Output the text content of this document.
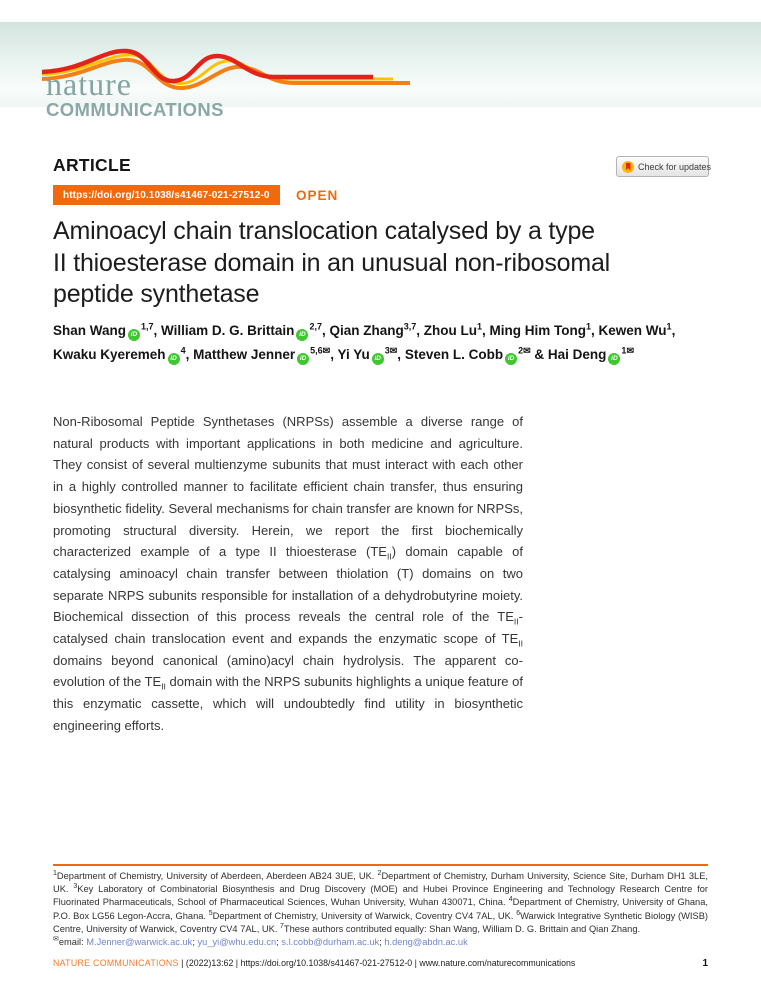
nature
COMMUNICATIONS
ARTICLE	Check for updates
https://doi.org/10.1038/s41467-021-27512-0	OPEN
Aminoacyl chain translocation catalysed by a type
II thioesterase domain in an unusual non-ribosomal
peptide synthetase
Shan Wang iD$^{1,7}$, William D. G. Brittain iD$^{2,7}$, Qian Zhang$^{3,7}$, Zhou Lu$^1$, Ming Him Tong$^1$, Kewen Wu$^1$, Kwaku Kyeremeh $iD^4$, Matthew Jenner $iD^{5,6✉}$, Yi Yu $iD^{3✉}$, Steven L. Cobb $iD^{2✉}$ & Hai Deng $iD^{1✉}$
Non-Ribosomal Peptide Synthetases (NRPSs) assemble a diverse range of natural products with important applications in both medicine and agriculture. They consist of several multienzyme subunits that must interact with each other in a highly controlled manner to facilitate efficient chain transfer, thus ensuring biosynthetic fidelity. Several mechanisms for chain transfer are known for NRPSs, promoting structural diversity. Herein, we report the first biochemically characterized example of a type II thioesterase $(TE_{II})$ domain capable of catalysing aminoacyl chain transfer between thiolation (T) domains on two separate NRPS subunits responsible for installation of a dehydrobutyrine moiety. Biochemical dissection of this process reveals the central role of the $TE_{II}$-catalysed chain translocation event and expands the enzymatic scope of $TE_{II}$ domains beyond canonical (amino)acyl chain hydrolysis. The apparent co-evolution of the $TE_{II}$ domain with the NRPS subunits highlights a unique feature of this enzymatic cassette, which will undoubtedly find utility in biosynthetic engineering efforts.
$^1$Department of Chemistry, University of Aberdeen, Aberdeen AB24 3UE, UK. $^2$Department of Chemistry, Durham University, Science Site, Durham DH1 3LE, UK. $^3$Key Laboratory of Combinatorial Biosynthesis and Drug Discovery (MOE) and Hubei Province Engineering and Technology Research Centre for Fluorinated Pharmaceuticals, School of Pharmaceutical Sciences, Wuhan University, Wuhan 430071, China. $^4$Department of Chemistry, University of Ghana, P.O. Box LG56 Legon-Accra, Ghana. $^5$Department of Chemistry, University of Warwick, Coventry CV4 7AL, UK. $^6$Warwick Integrative Synthetic Biology (WISB) Centre, University of Warwick, Coventry CV4 7AL, UK. $^7$These authors contributed equally: Shan Wang, William D. G. Brittain and Qian Zhang.
✉email: M.Jenner@warwick.ac.uk; yu_yi@whu.edu.cn; s.l.cobb@durham.ac.uk; h.deng@abdn.ac.uk
NATURE COMMUNICATIONS | (2022)13:62 | https://doi.org/10.1038/s41467-021-27512-0 | www.nature.com/naturecommunications	1
